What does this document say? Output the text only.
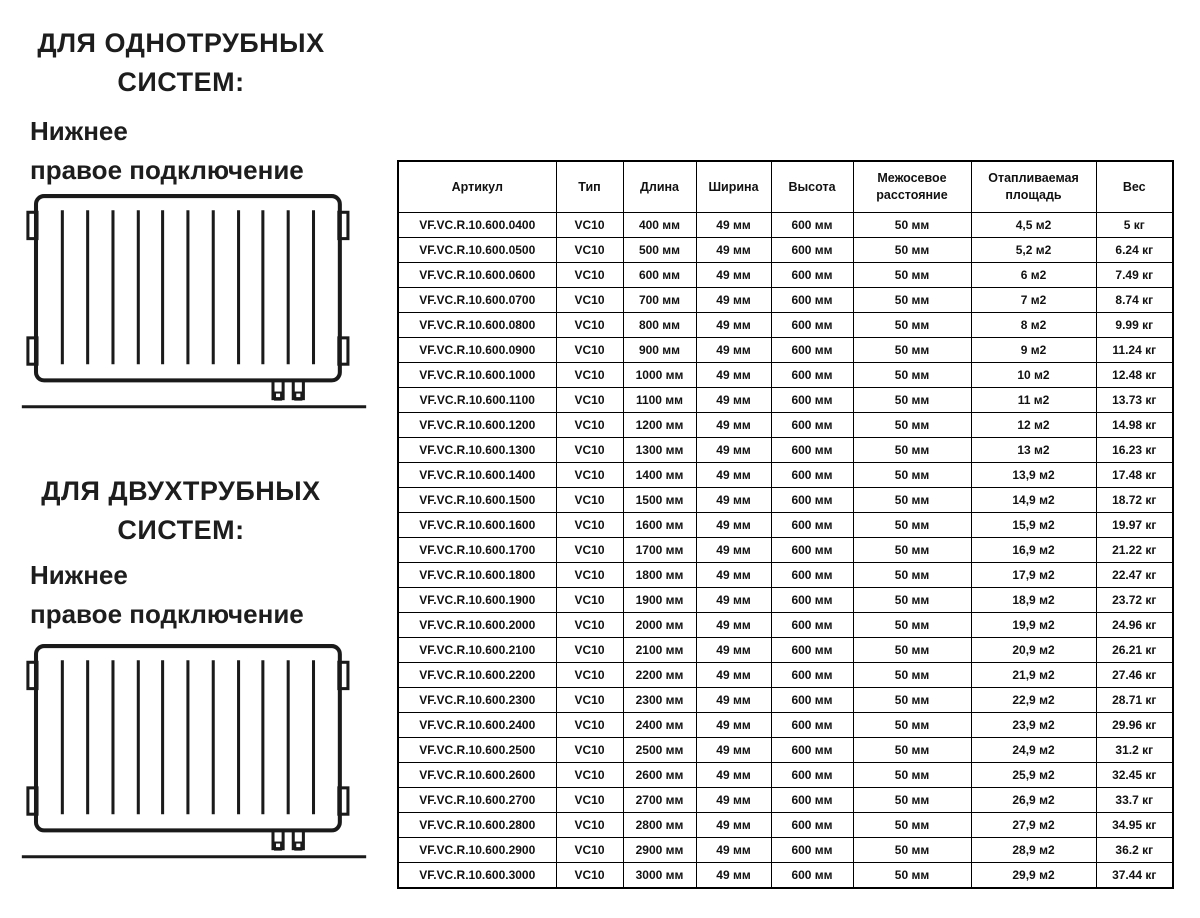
ДЛЯ ОДНОТРУБНЫХ
СИСТЕМ:
Нижнее
правое подключение
ДЛЯ ДВУХТРУБНЫХ
СИСТЕМ:
Нижнее
правое подключение
Артикул	Тип	Длина	Ширина	Высота	Межосевое расстояние	Отапливаемая площадь	Вес
VF.VC.R.10.600.0400	VC10	400 мм	49 мм	600 мм	50 мм	4,5 м2	5 кг
VF.VC.R.10.600.0500	VC10	500 мм	49 мм	600 мм	50 мм	5,2 м2	6.24 кг
VF.VC.R.10.600.0600	VC10	600 мм	49 мм	600 мм	50 мм	6 м2	7.49 кг
VF.VC.R.10.600.0700	VC10	700 мм	49 мм	600 мм	50 мм	7 м2	8.74 кг
VF.VC.R.10.600.0800	VC10	800 мм	49 мм	600 мм	50 мм	8 м2	9.99 кг
VF.VC.R.10.600.0900	VC10	900 мм	49 мм	600 мм	50 мм	9 м2	11.24 кг
VF.VC.R.10.600.1000	VC10	1000 мм	49 мм	600 мм	50 мм	10 м2	12.48 кг
VF.VC.R.10.600.1100	VC10	1100 мм	49 мм	600 мм	50 мм	11 м2	13.73 кг
VF.VC.R.10.600.1200	VC10	1200 мм	49 мм	600 мм	50 мм	12 м2	14.98 кг
VF.VC.R.10.600.1300	VC10	1300 мм	49 мм	600 мм	50 мм	13 м2	16.23 кг
VF.VC.R.10.600.1400	VC10	1400 мм	49 мм	600 мм	50 мм	13,9 м2	17.48 кг
VF.VC.R.10.600.1500	VC10	1500 мм	49 мм	600 мм	50 мм	14,9 м2	18.72 кг
VF.VC.R.10.600.1600	VC10	1600 мм	49 мм	600 мм	50 мм	15,9 м2	19.97 кг
VF.VC.R.10.600.1700	VC10	1700 мм	49 мм	600 мм	50 мм	16,9 м2	21.22 кг
VF.VC.R.10.600.1800	VC10	1800 мм	49 мм	600 мм	50 мм	17,9 м2	22.47 кг
VF.VC.R.10.600.1900	VC10	1900 мм	49 мм	600 мм	50 мм	18,9 м2	23.72 кг
VF.VC.R.10.600.2000	VC10	2000 мм	49 мм	600 мм	50 мм	19,9 м2	24.96 кг
VF.VC.R.10.600.2100	VC10	2100 мм	49 мм	600 мм	50 мм	20,9 м2	26.21 кг
VF.VC.R.10.600.2200	VC10	2200 мм	49 мм	600 мм	50 мм	21,9 м2	27.46 кг
VF.VC.R.10.600.2300	VC10	2300 мм	49 мм	600 мм	50 мм	22,9 м2	28.71 кг
VF.VC.R.10.600.2400	VC10	2400 мм	49 мм	600 мм	50 мм	23,9 м2	29.96 кг
VF.VC.R.10.600.2500	VC10	2500 мм	49 мм	600 мм	50 мм	24,9 м2	31.2 кг
VF.VC.R.10.600.2600	VC10	2600 мм	49 мм	600 мм	50 мм	25,9 м2	32.45 кг
VF.VC.R.10.600.2700	VC10	2700 мм	49 мм	600 мм	50 мм	26,9 м2	33.7 кг
VF.VC.R.10.600.2800	VC10	2800 мм	49 мм	600 мм	50 мм	27,9 м2	34.95 кг
VF.VC.R.10.600.2900	VC10	2900 мм	49 мм	600 мм	50 мм	28,9 м2	36.2 кг
VF.VC.R.10.600.3000	VC10	3000 мм	49 мм	600 мм	50 мм	29,9 м2	37.44 кг
